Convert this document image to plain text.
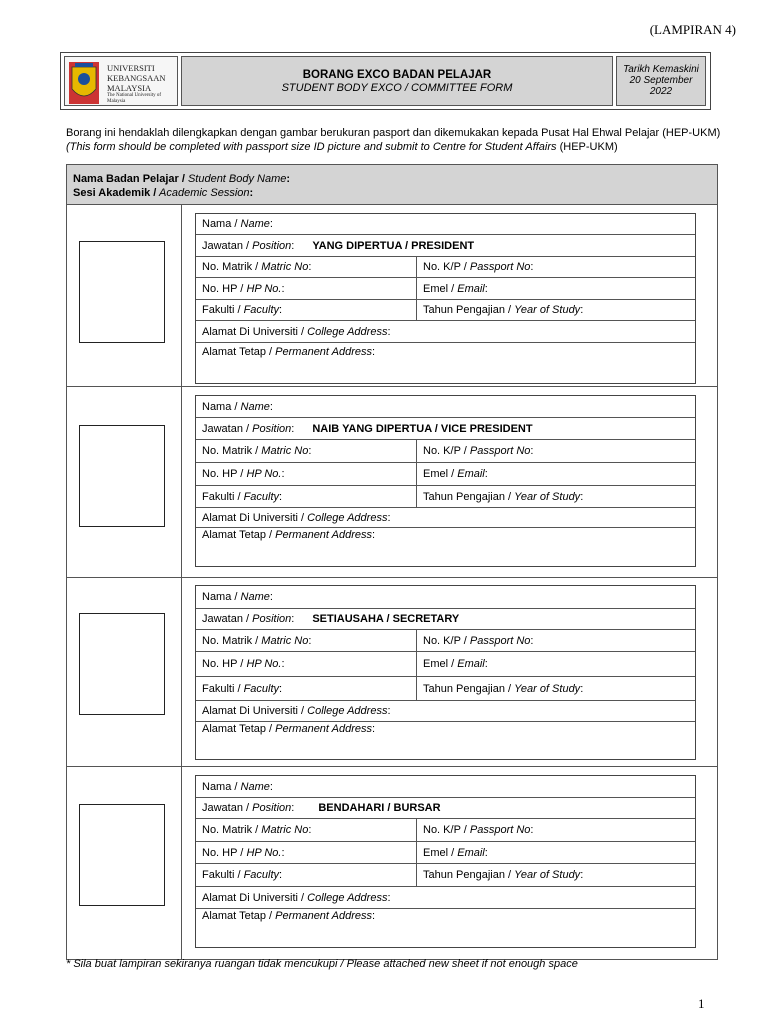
(LAMPIRAN 4)
UNIVERSITI
KEBANGSAAN
MALAYSIA
The National University of Malaysia
BORANG EXCO BADAN PELAJAR
STUDENT BODY EXCO / COMMITTEE FORM
Tarikh Kemaskini
20 September
2022
Borang ini hendaklah dilengkapkan dengan gambar berukuran pasport dan dikemukakan kepada Pusat Hal Ehwal Pelajar (HEP-UKM)
(This form should be completed with passport size ID picture and submit to Centre for Student Affairs (HEP-UKM)
Nama Badan Pelajar / Student Body Name:
Sesi Akademik / Academic Session:
Nama / Name:
Jawatan / Position: YANG DIPERTUA / PRESIDENT
No. Matrik / Matric No:	No. K/P / Passport No:
No. HP / HP No.:	Emel / Email:
Fakulti / Faculty:	Tahun Pengajian / Year of Study:
Alamat Di Universiti / College Address:
Alamat Tetap / Permanent Address:
Nama / Name:
Jawatan / Position: NAIB YANG DIPERTUA / VICE PRESIDENT
No. Matrik / Matric No:	No. K/P / Passport No:
No. HP / HP No.:	Emel / Email:
Fakulti / Faculty:	Tahun Pengajian / Year of Study:
Alamat Di Universiti / College Address:
Alamat Tetap / Permanent Address:
Nama / Name:
Jawatan / Position: SETIAUSAHA / SECRETARY
No. Matrik / Matric No:	No. K/P / Passport No:
No. HP / HP No.:	Emel / Email:
Fakulti / Faculty:	Tahun Pengajian / Year of Study:
Alamat Di Universiti / College Address:
Alamat Tetap / Permanent Address:
Nama / Name:
Jawatan / Position: BENDAHARI / BURSAR
No. Matrik / Matric No:	No. K/P / Passport No:
No. HP / HP No.:	Emel / Email:
Fakulti / Faculty:	Tahun Pengajian / Year of Study:
Alamat Di Universiti / College Address:
Alamat Tetap / Permanent Address:
* Sila buat lampiran sekiranya ruangan tidak mencukupi / Please attached new sheet if not enough space
1
